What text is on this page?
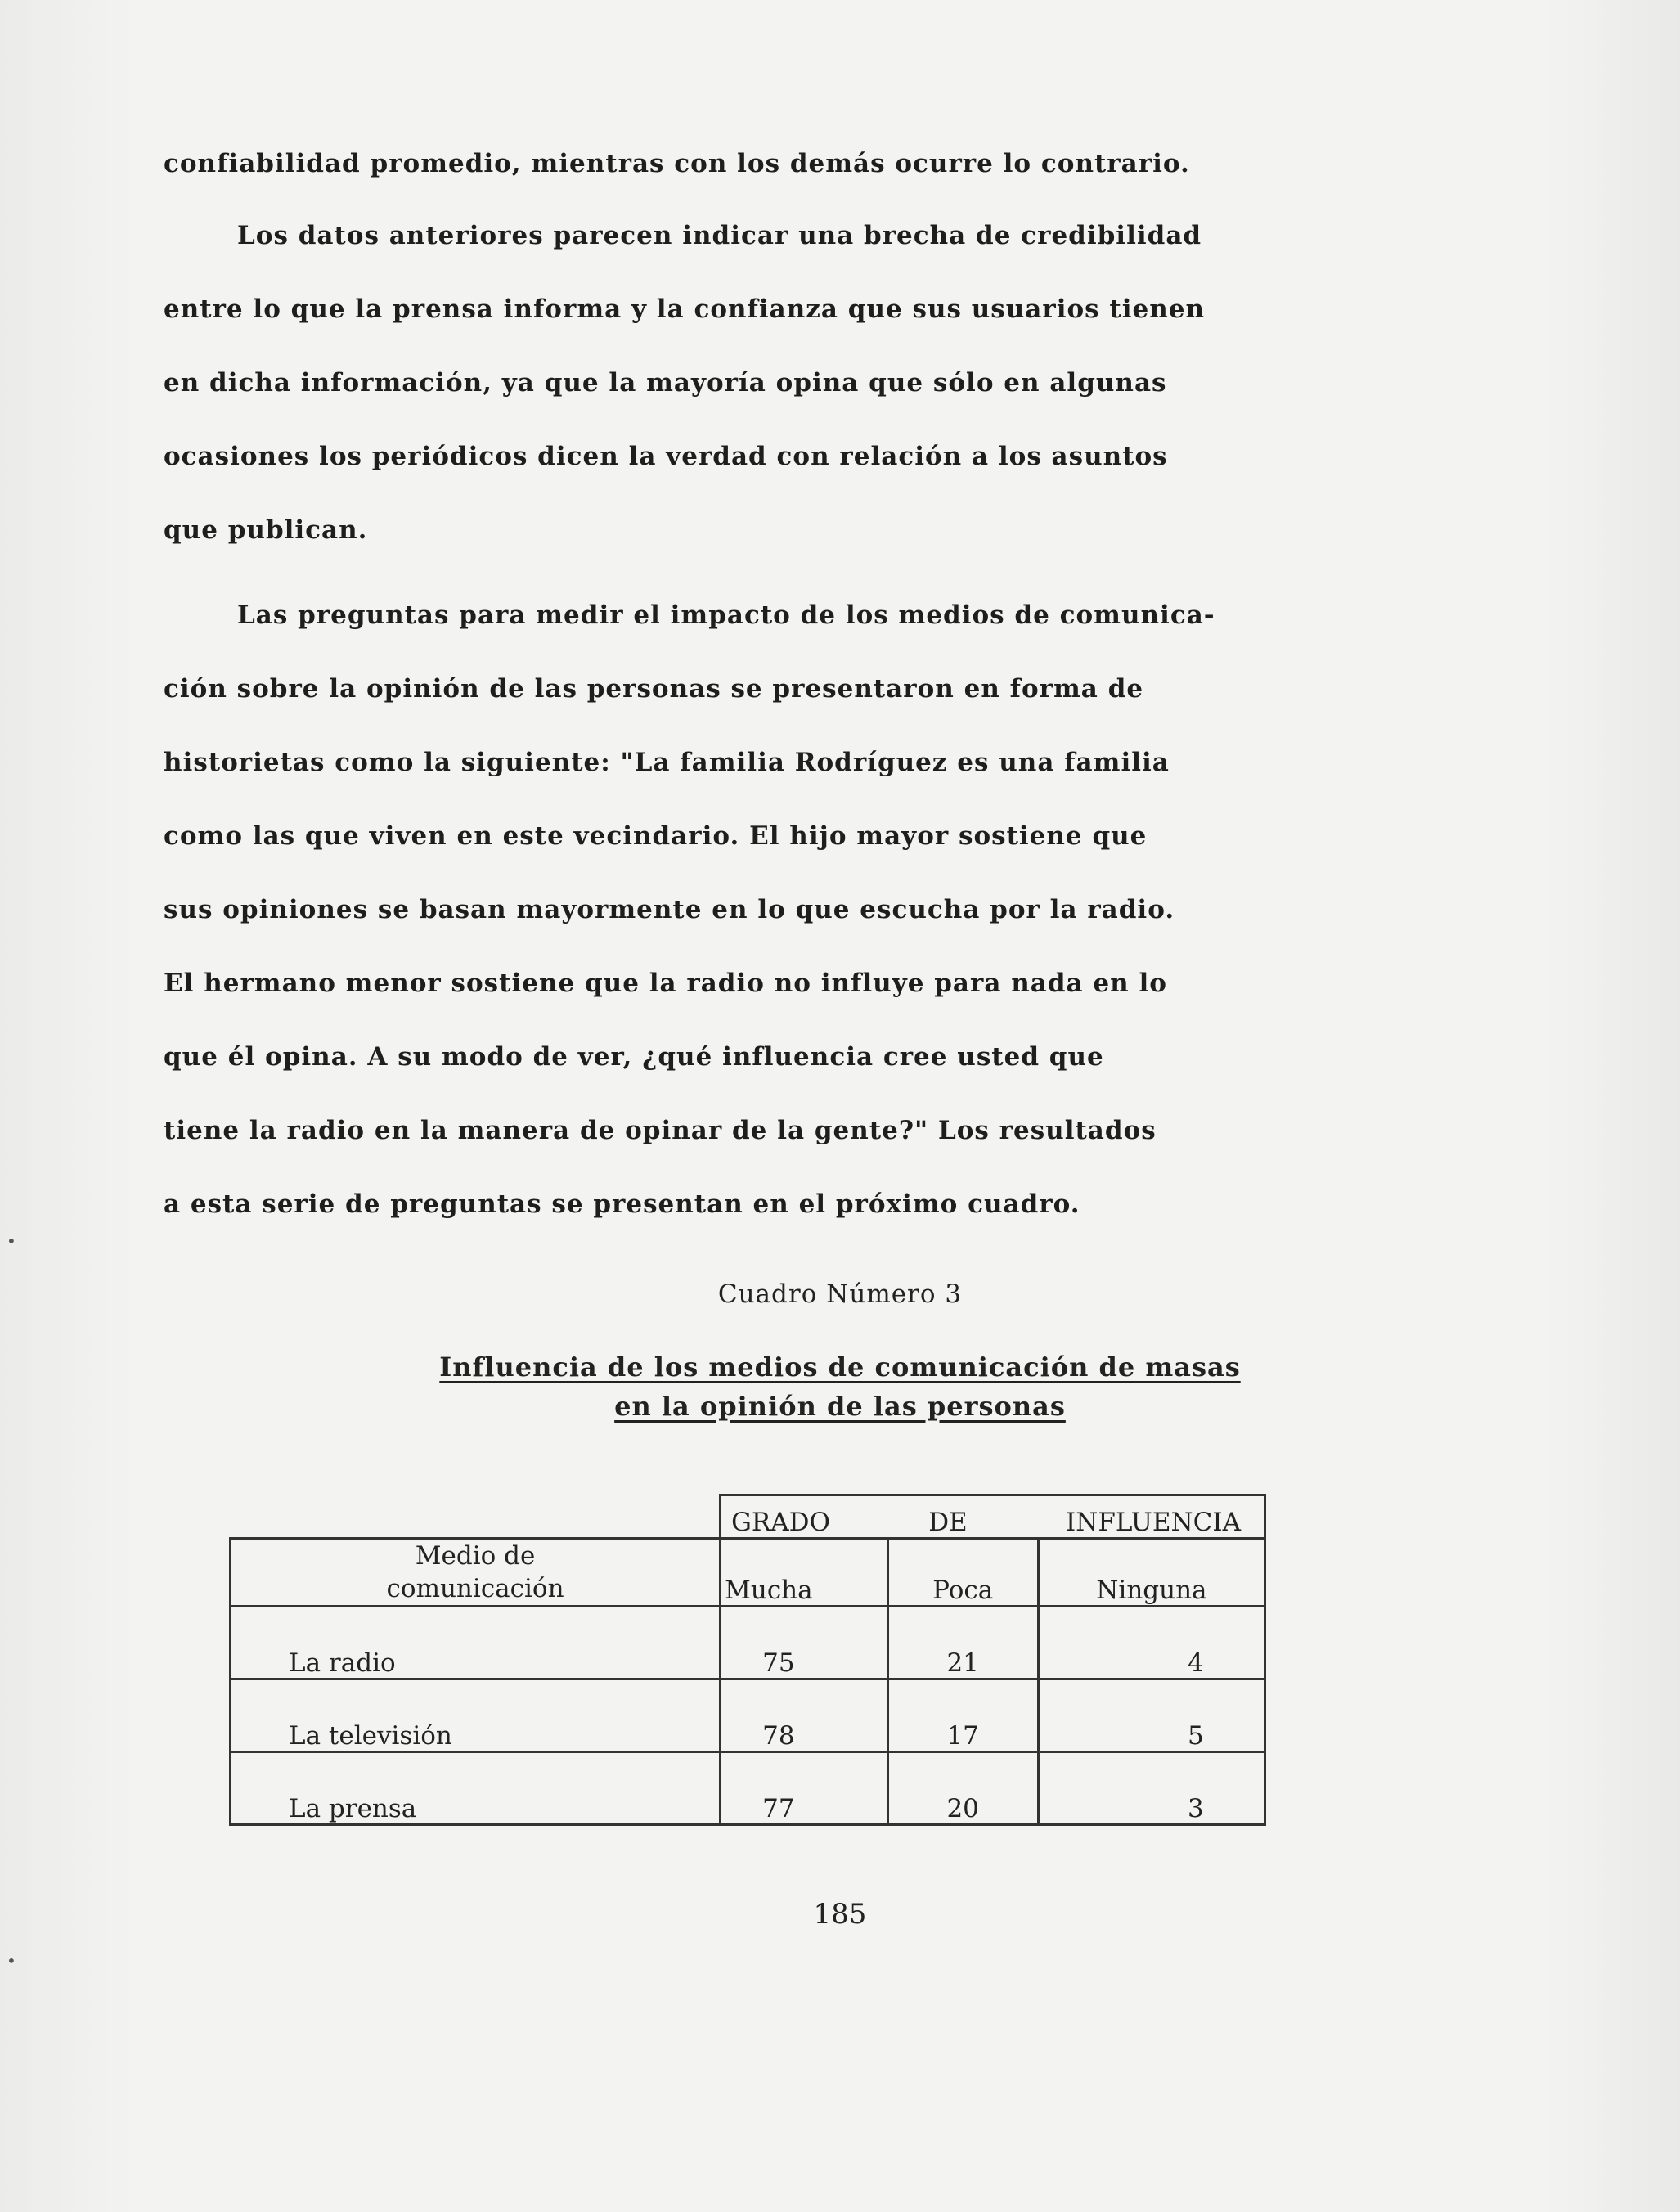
confiabilidad promedio, mientras con los demás ocurre lo contrario.
Los datos anteriores parecen indicar una brecha de credibilidad
entre lo que la prensa informa y la confianza que sus usuarios tienen
en dicha información, ya que la mayoría opina que sólo en algunas
ocasiones los periódicos dicen la verdad con relación a los asuntos
que publican.
Las preguntas para medir el impacto de los medios de comunica-
ción sobre la opinión de las personas se presentaron en forma de
historietas como la siguiente: "La familia Rodríguez es una familia
como las que viven en este vecindario. El hijo mayor sostiene que
sus opiniones se basan mayormente en lo que escucha por la radio.
El hermano menor sostiene que la radio no influye para nada en lo
que él opina. A su modo de ver, ¿qué influencia cree usted que
tiene la radio en la manera de opinar de la gente?" Los resultados
a esta serie de preguntas se presentan en el próximo cuadro.
Cuadro Número 3
Influencia de los medios de comunicación de masas
en la opinión de las personas

	GRADO DE INFLUENCIA		

Medio de comunicación	Mucha	Poca	Ninguna
La radio	75	21	4
La televisión	78	17	5
La prensa	77	20	3
185
•
•
